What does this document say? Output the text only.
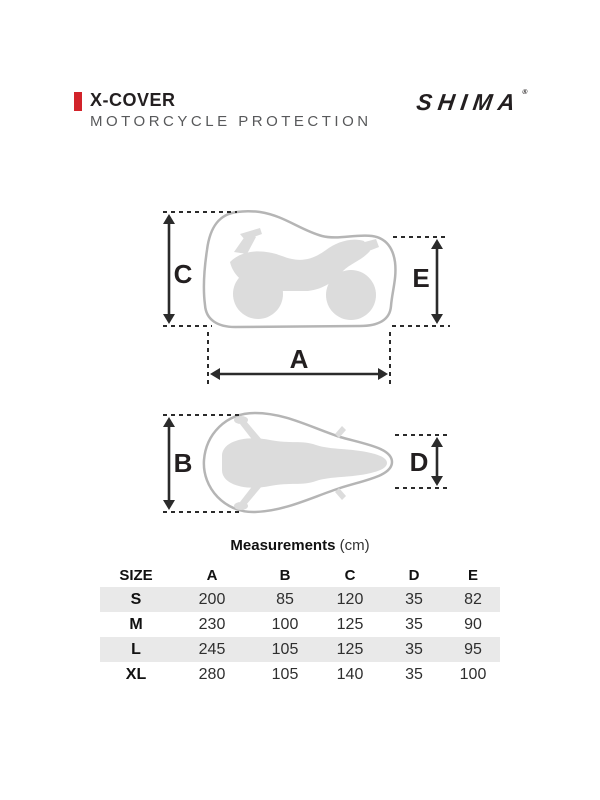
X-COVER
MOTORCYCLE PROTECTION
SHIMA®
C	E
A
B	D
Measurements (cm)
SIZE	A	B	C	D	E
S	200	85	120	35	82
M	230	100	125	35	90
L	245	105	125	35	95
XL	280	105	140	35	100
